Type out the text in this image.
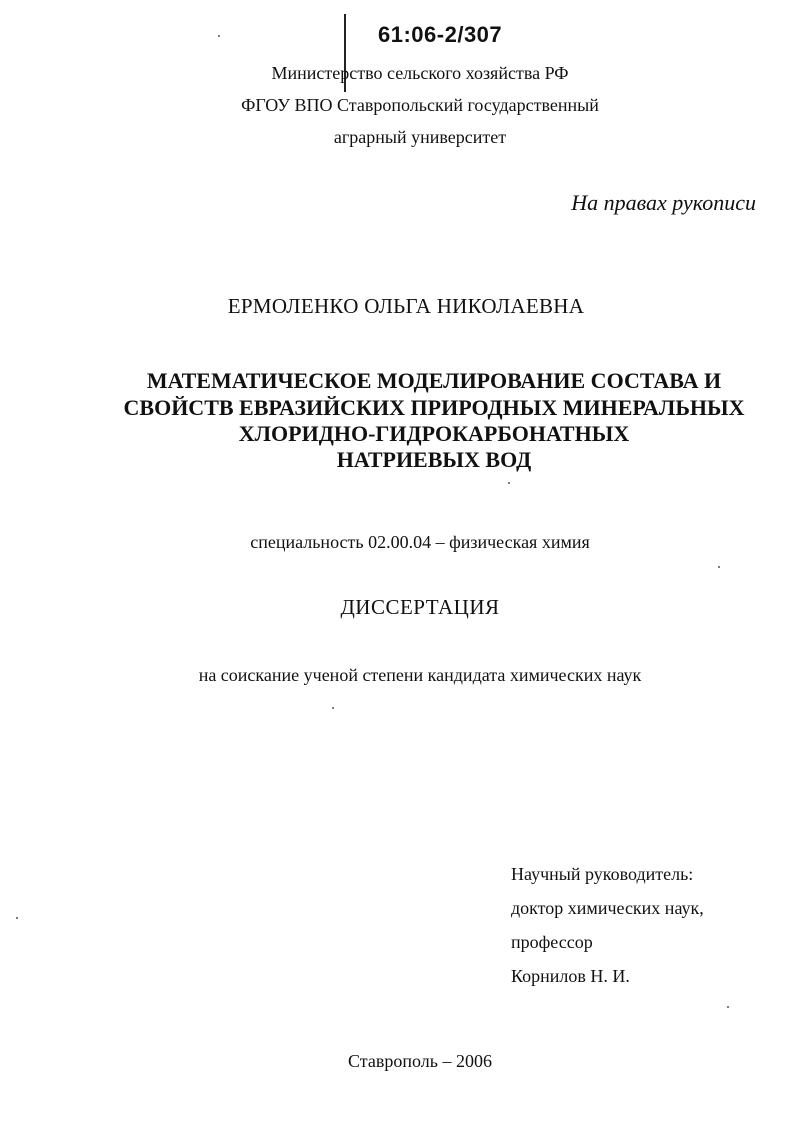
61:06-2/307
Министерство сельского хозяйства РФ
ФГОУ ВПО Ставропольский государственный
аграрный университет
На правах рукописи
ЕРМОЛЕНКО ОЛЬГА НИКОЛАЕВНА
МАТЕМАТИЧЕСКОЕ МОДЕЛИРОВАНИЕ СОСТАВА И
СВОЙСТВ ЕВРАЗИЙСКИХ ПРИРОДНЫХ МИНЕРАЛЬНЫХ
ХЛОРИДНО-ГИДРОКАРБОНАТНЫХ
НАТРИЕВЫХ ВОД
специальность 02.00.04 – физическая химия
ДИССЕРТАЦИЯ
на соискание ученой степени кандидата химических наук
Научный руководитель:
доктор химических наук,
профессор
Корнилов Н. И.
Ставрополь – 2006
